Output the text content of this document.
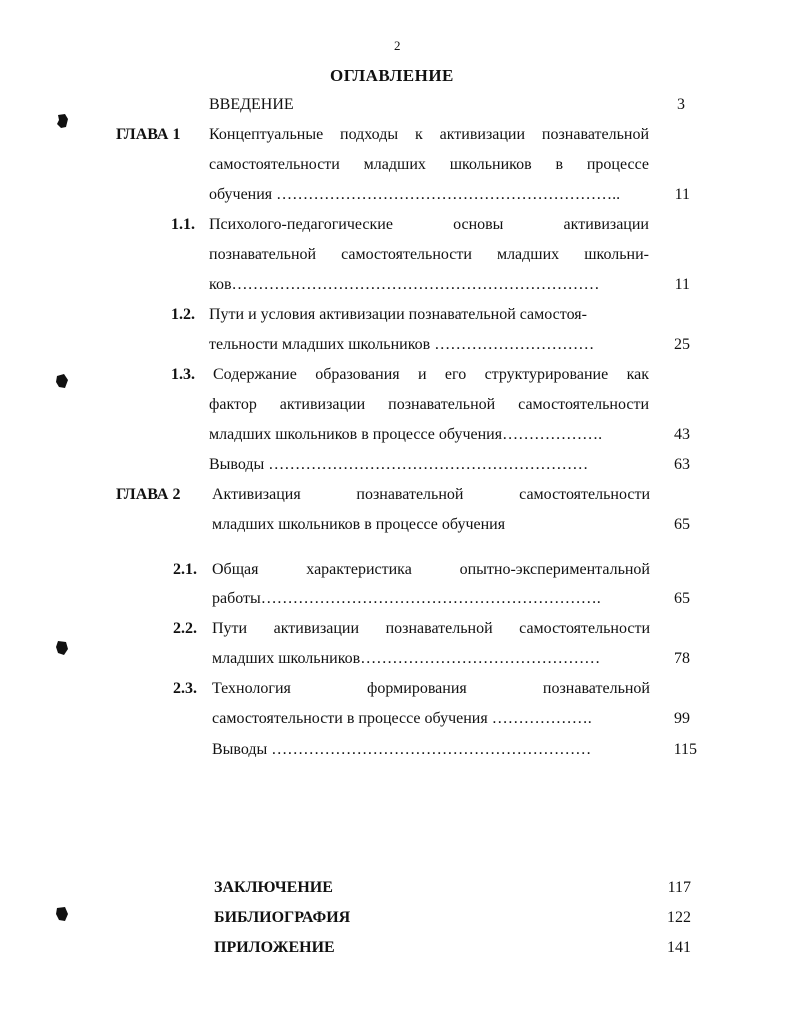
2
ОГЛАВЛЕНИЕ
ВВЕДЕНИЕ	3
ГЛАВА 1 Концептуальные подходы к активизации познавательной
самостоятельности младших школьников в процессе
обучения ………………………………………………………..	11
1.1. Психолого-педагогические основы активизации
познавательной самостоятельности младших школьни-
ков……………………………………………………………	11
1.2. Пути и условия активизации познавательной самостоя-
тельности младших школьников …………………………	25
1.3. Содержание образования и его структурирование как
фактор активизации познавательной самостоятельности
младших школьников в процессе обучения……………….	43
Выводы ……………………………………………………	63
ГЛАВА 2 Активизация познавательной самостоятельности
младших школьников в процессе обучения	65
2.1. Общая характеристика опытно-экспериментальной
работы……………………………………………………….	65
2.2. Пути активизации познавательной самостоятельности
младших школьников………………………………………	78
2.3. Технология формирования познавательной
самостоятельности в процессе обучения ……………….	99
Выводы ……………………………………………………	115
ЗАКЛЮЧЕНИЕ	117
БИБЛИОГРАФИЯ	122
ПРИЛОЖЕНИЕ	141
